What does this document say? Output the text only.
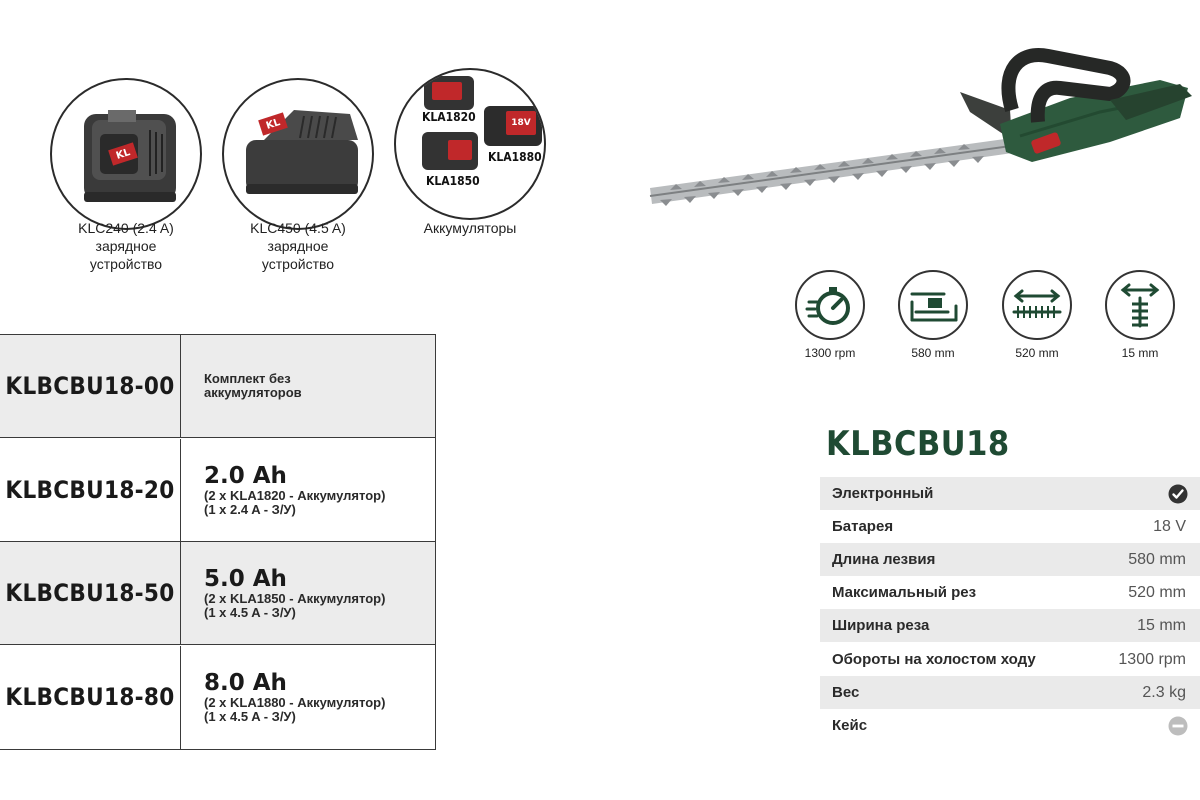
KL
KLC240 (2.4 A)
зарядное
устройство
KL
KLC450 (4.5 A)
зарядное
устройство
KLA1820	18V
KLA1880
KLA1850
Аккумуляторы
1300 rpm	580 mm	520 mm	15 mm
KLBCBU18-00	Комплект без
аккумуляторов
KLBCBU18-20 2.0 Ah
(2 x KLA1820 - Аккумулятор)
(1 x 2.4 A - З/У)
KLBCBU18-50 5.0 Ah
(2 x KLA1850 - Аккумулятор)
(1 x 4.5 A - З/У)
KLBCBU18-80 8.0 Ah
(2 x KLA1880 - Аккумулятор)
(1 x 4.5 A - З/У)
KLBCBU18
Электронный
Батарея	18 V
Длина лезвия	580 mm
Максимальный рез	520 mm
Ширина реза	15 mm
Обороты на холостом ходу	1300 rpm
Вес	2.3 kg
Кейс
